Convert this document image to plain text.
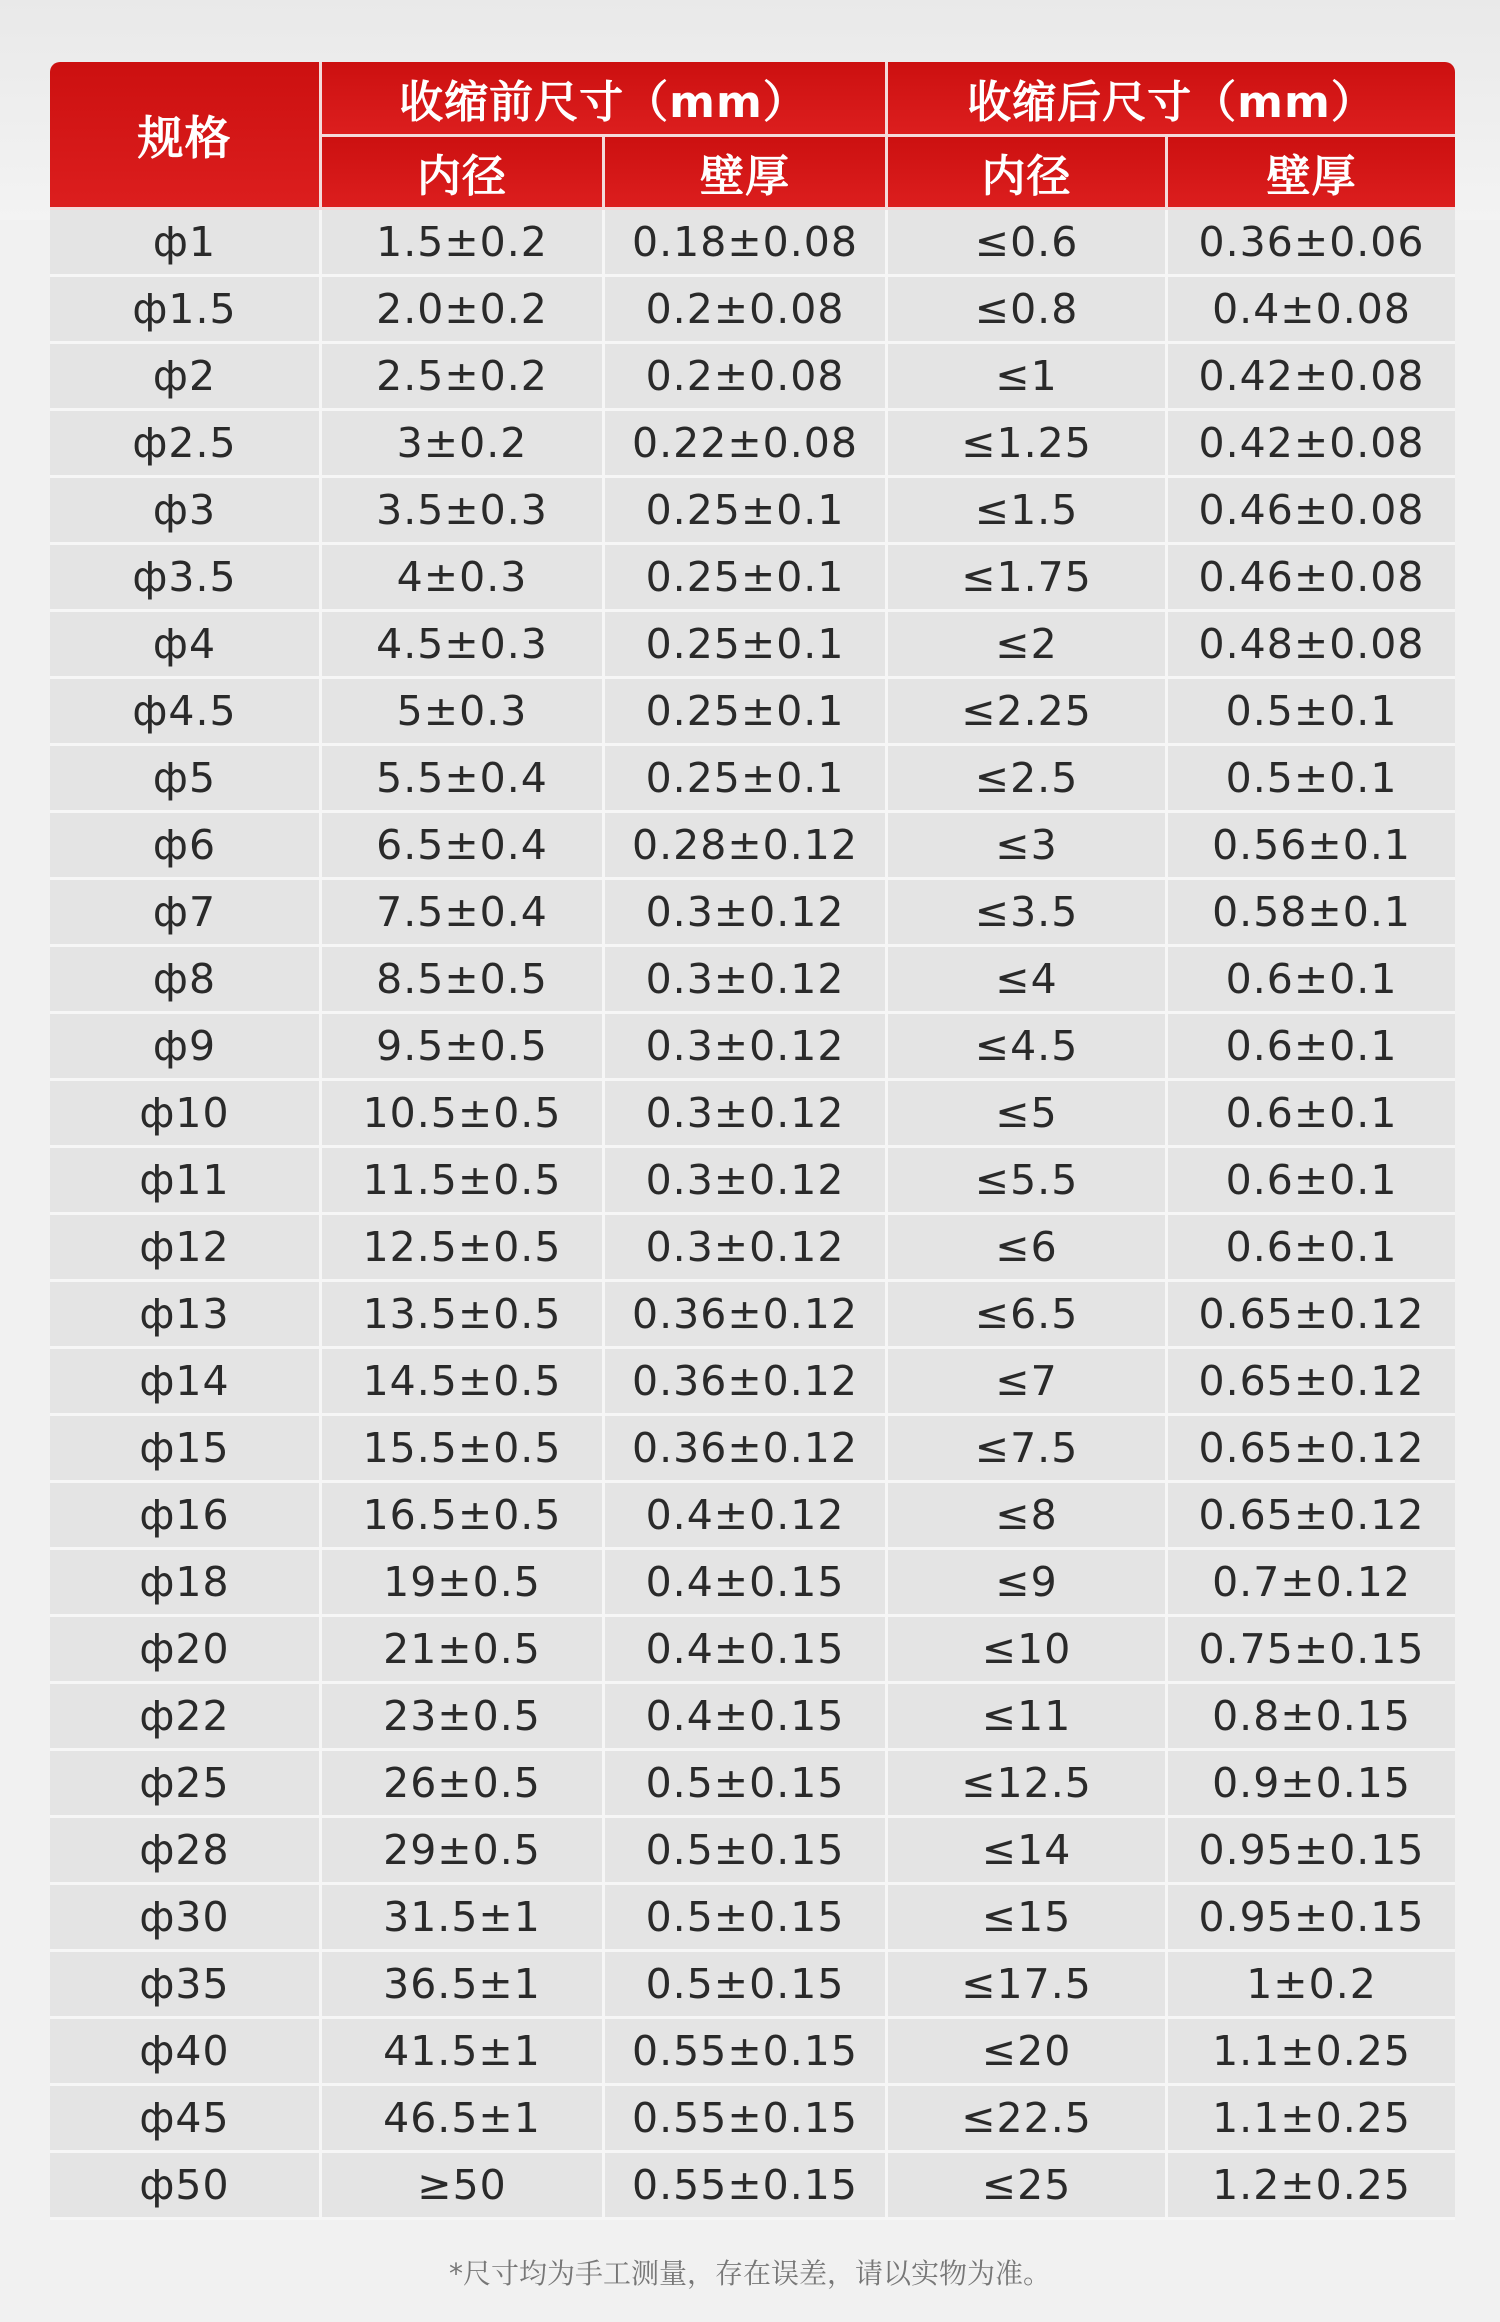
规格	收缩前尺寸（mm）		收缩后尺寸（mm）	
	内径	壁厚	内径	壁厚
ф1	1.5±0.2	0.18±0.08	≤0.6	0.36±0.06
ф1.5	2.0±0.2	0.2±0.08	≤0.8	0.4±0.08
ф2	2.5±0.2	0.2±0.08	≤1	0.42±0.08
ф2.5	3±0.2	0.22±0.08	≤1.25	0.42±0.08
ф3	3.5±0.3	0.25±0.1	≤1.5	0.46±0.08
ф3.5	4±0.3	0.25±0.1	≤1.75	0.46±0.08
ф4	4.5±0.3	0.25±0.1	≤2	0.48±0.08
ф4.5	5±0.3	0.25±0.1	≤2.25	0.5±0.1
ф5	5.5±0.4	0.25±0.1	≤2.5	0.5±0.1
ф6	6.5±0.4	0.28±0.12	≤3	0.56±0.1
ф7	7.5±0.4	0.3±0.12	≤3.5	0.58±0.1
ф8	8.5±0.5	0.3±0.12	≤4	0.6±0.1
ф9	9.5±0.5	0.3±0.12	≤4.5	0.6±0.1
ф10	10.5±0.5	0.3±0.12	≤5	0.6±0.1
ф11	11.5±0.5	0.3±0.12	≤5.5	0.6±0.1
ф12	12.5±0.5	0.3±0.12	≤6	0.6±0.1
ф13	13.5±0.5	0.36±0.12	≤6.5	0.65±0.12
ф14	14.5±0.5	0.36±0.12	≤7	0.65±0.12
ф15	15.5±0.5	0.36±0.12	≤7.5	0.65±0.12
ф16	16.5±0.5	0.4±0.12	≤8	0.65±0.12
ф18	19±0.5	0.4±0.15	≤9	0.7±0.12
ф20	21±0.5	0.4±0.15	≤10	0.75±0.15
ф22	23±0.5	0.4±0.15	≤11	0.8±0.15
ф25	26±0.5	0.5±0.15	≤12.5	0.9±0.15
ф28	29±0.5	0.5±0.15	≤14	0.95±0.15
ф30	31.5±1	0.5±0.15	≤15	0.95±0.15
ф35	36.5±1	0.5±0.15	≤17.5	1±0.2
ф40	41.5±1	0.55±0.15	≤20	1.1±0.25
ф45	46.5±1	0.55±0.15	≤22.5	1.1±0.25
ф50	≥50	0.55±0.15	≤25	1.2±0.25
*尺寸均为手工测量，存在误差，请以实物为准。
